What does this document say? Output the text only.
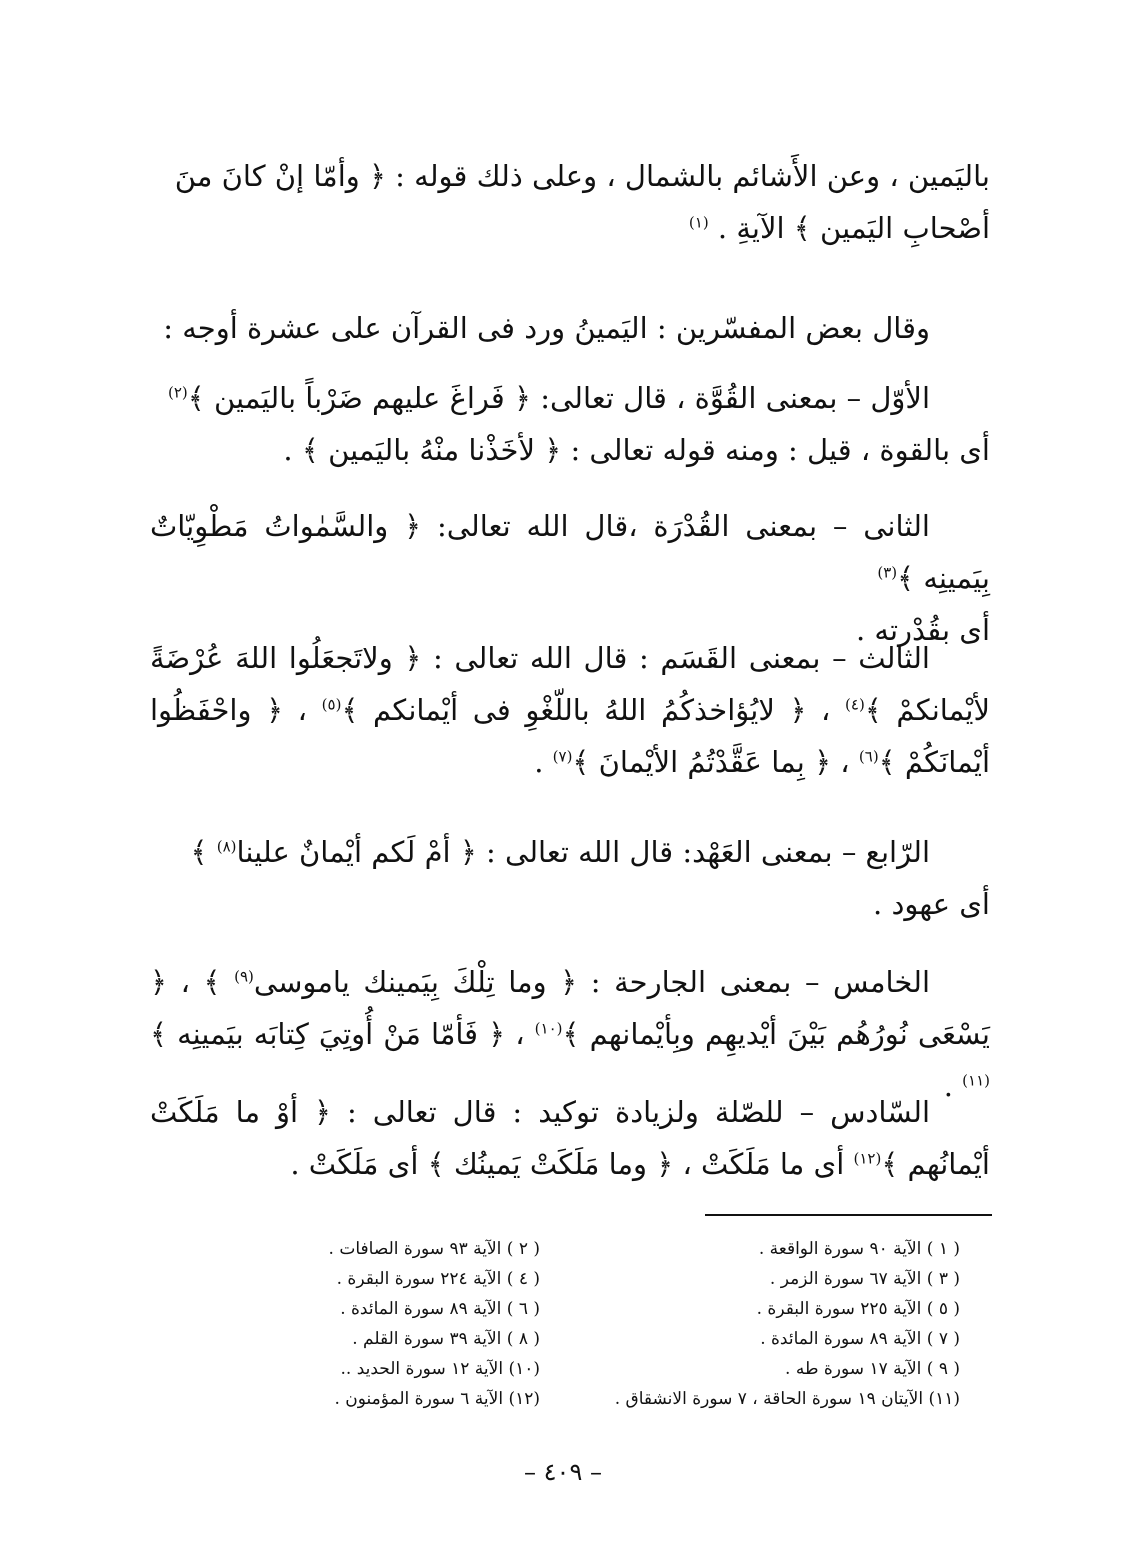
باليَمين ، وعن الأَشائم بالشمال ، وعلى ذلك قوله : ﴿ وأمّا إنْ كانَ منَ
أصْحابِ اليَمين ﴾ الآيةِ . $^{(١)}$

وقال بعض المفسّرين : اليَمينُ ورد فى القرآن على عشرة أوجه :

الأوّل – بمعنى القُوَّة ، قال تعالى: ﴿ فَراغَ عليهم ضَرْباً باليَمين ﴾$^{(٢)}$
أى بالقوة ، قيل : ومنه قوله تعالى : ﴿ لأخَذْنا منْهُ باليَمين ﴾ .

الثانى – بمعنى القُدْرَة ،قال الله تعالى: ﴿ والسَّمٰواتُ مَطْوِيّاتٌ بِيَمينِه ﴾$^{(٣)}$
أى بقُدْرته .

الثالث – بمعنى القَسَم : قال الله تعالى : ﴿ ولاتَجعَلُوا اللهَ عُرْضَةً لأيْمانكمْ ﴾$^{(٤)}$ ، ﴿ لايُؤاخذكُمُ اللهُ باللّغْوِ فى أيْمانكم ﴾$^{(٥)}$ ، ﴿ واحْفَظُوا أيْمانَكُمْ ﴾$^{(٦)}$ ، ﴿ بِما عَقَّدْتُمُ الأيْمانَ ﴾$^{(٧)}$ .

الرّابع – بمعنى العَهْد: قال الله تعالى : ﴿ أمْ لَكم أيْمانٌ علينا$^{(٨)}$ ﴾
أى عهود .

الخامس – بمعنى الجارحة : ﴿ وما تِلْكَ بِيَمينك ياموسى$^{(٩)}$ ﴾ ، ﴿ يَسْعَى نُورُهُم بَيْنَ أيْديهِم وبِأيْمانهم ﴾$^{(١٠)}$ ، ﴿ فَأمّا مَنْ أُوتِيَ كِتابَه بيَمينِه ﴾$^{(١١)}$ .

السّادس – للصّلة ولزيادة توكيد : قال تعالى : ﴿ أوْ ما مَلَكَتْ أيْمانُهم ﴾$^{(١٢)}$ أى ما مَلَكَتْ ، ﴿ وما مَلَكَتْ يَمينُك ﴾ أى مَلَكَتْ .

( ١ ) الآية ٩٠ سورة الواقعة .
( ٢ ) الآية ٩٣ سورة الصافات .
( ٣ ) الآية ٦٧ سورة الزمر .
( ٤ ) الآية ٢٢٤ سورة البقرة .
( ٥ ) الآية ٢٢٥ سورة البقرة .
( ٦ ) الآية ٨٩ سورة المائدة .
( ٧ ) الآية ٨٩ سورة المائدة .
( ٨ ) الآية ٣٩ سورة القلم .
( ٩ ) الآية ١٧ سورة طه .
(١٠) الآية ١٢ سورة الحديد ..
(١١) الآيتان ١٩ سورة الحاقة ، ٧ سورة الانشقاق .
(١٢) الآية ٦ سورة المؤمنون .
– ٤٠٩ –
